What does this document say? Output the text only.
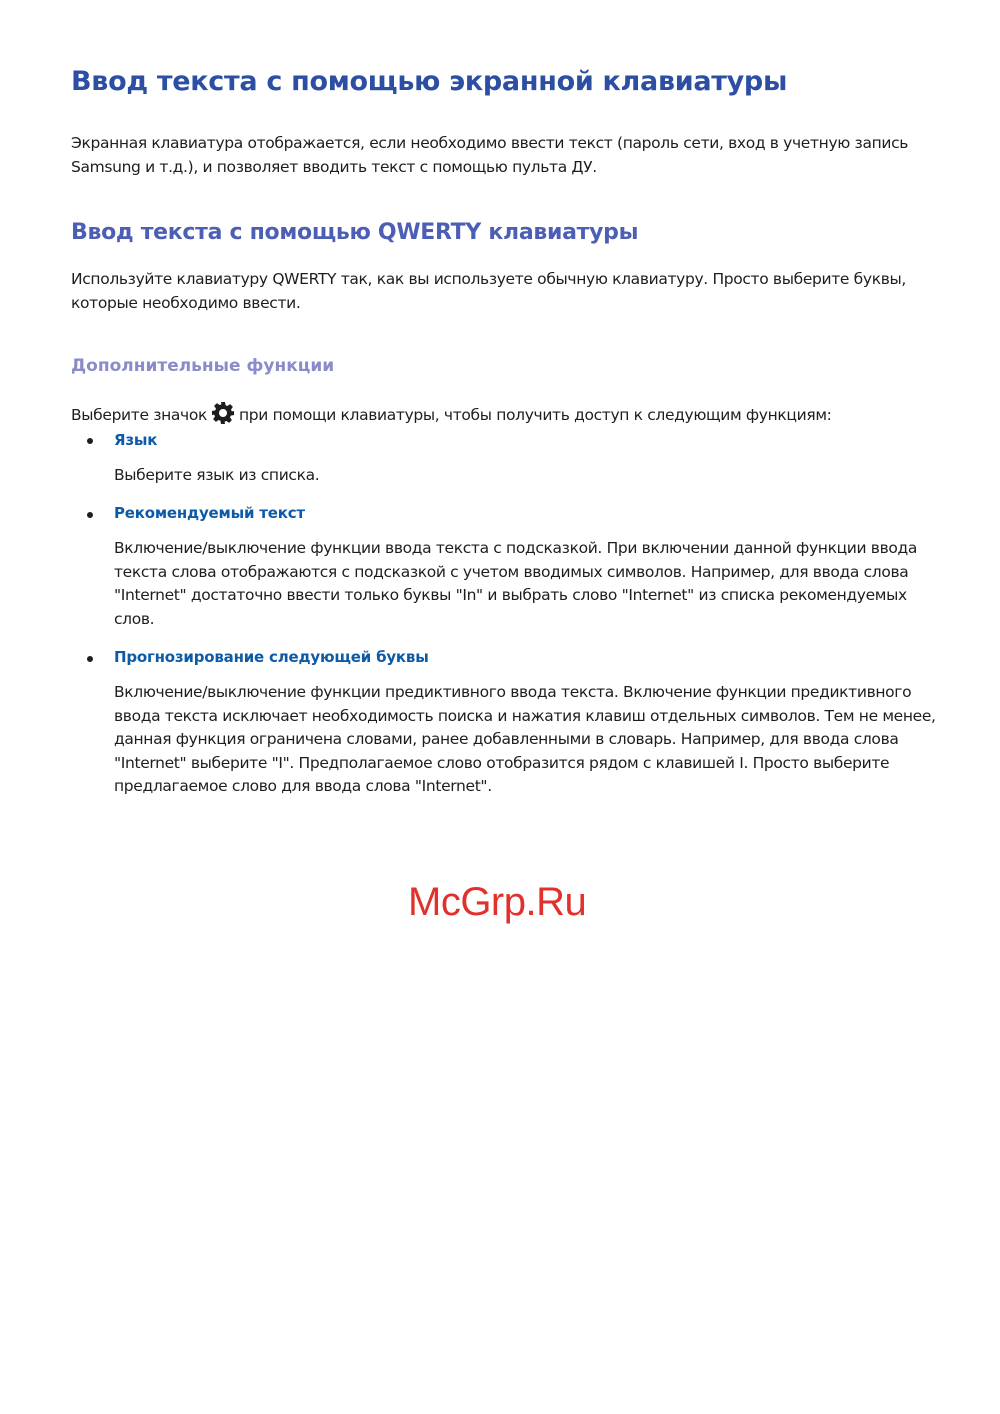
Ввод текста с помощью экранной клавиатуры
Экранная клавиатура отображается, если необходимо ввести текст (пароль сети, вход в учетную запись
Samsung и т.д.), и позволяет вводить текст с помощью пульта ДУ.
Ввод текста с помощью QWERTY клавиатуры
Используйте клавиатуру QWERTY так, как вы используете обычную клавиатуру. Просто выберите буквы,
которые необходимо ввести.
Дополнительные функции
Выберите значок при помощи клавиатуры, чтобы получить доступ к следующим функциям:
Язык
Выберите язык из списка.
Рекомендуемый текст
Включение/выключение функции ввода текста с подсказкой. При включении данной функции ввода
текста слова отображаются с подсказкой с учетом вводимых символов. Например, для ввода слова
"Internet" достаточно ввести только буквы "In" и выбрать слово "Internet" из списка рекомендуемых
слов.
Прогнозирование следующей буквы
Включение/выключение функции предиктивного ввода текста. Включение функции предиктивного
ввода текста исключает необходимость поиска и нажатия клавиш отдельных символов. Тем не менее,
данная функция ограничена словами, ранее добавленными в словарь. Например, для ввода слова
"Internet" выберите "I". Предполагаемое слово отобразится рядом с клавишей I. Просто выберите
предлагаемое слово для ввода слова "Internet".
McGrp.Ru
